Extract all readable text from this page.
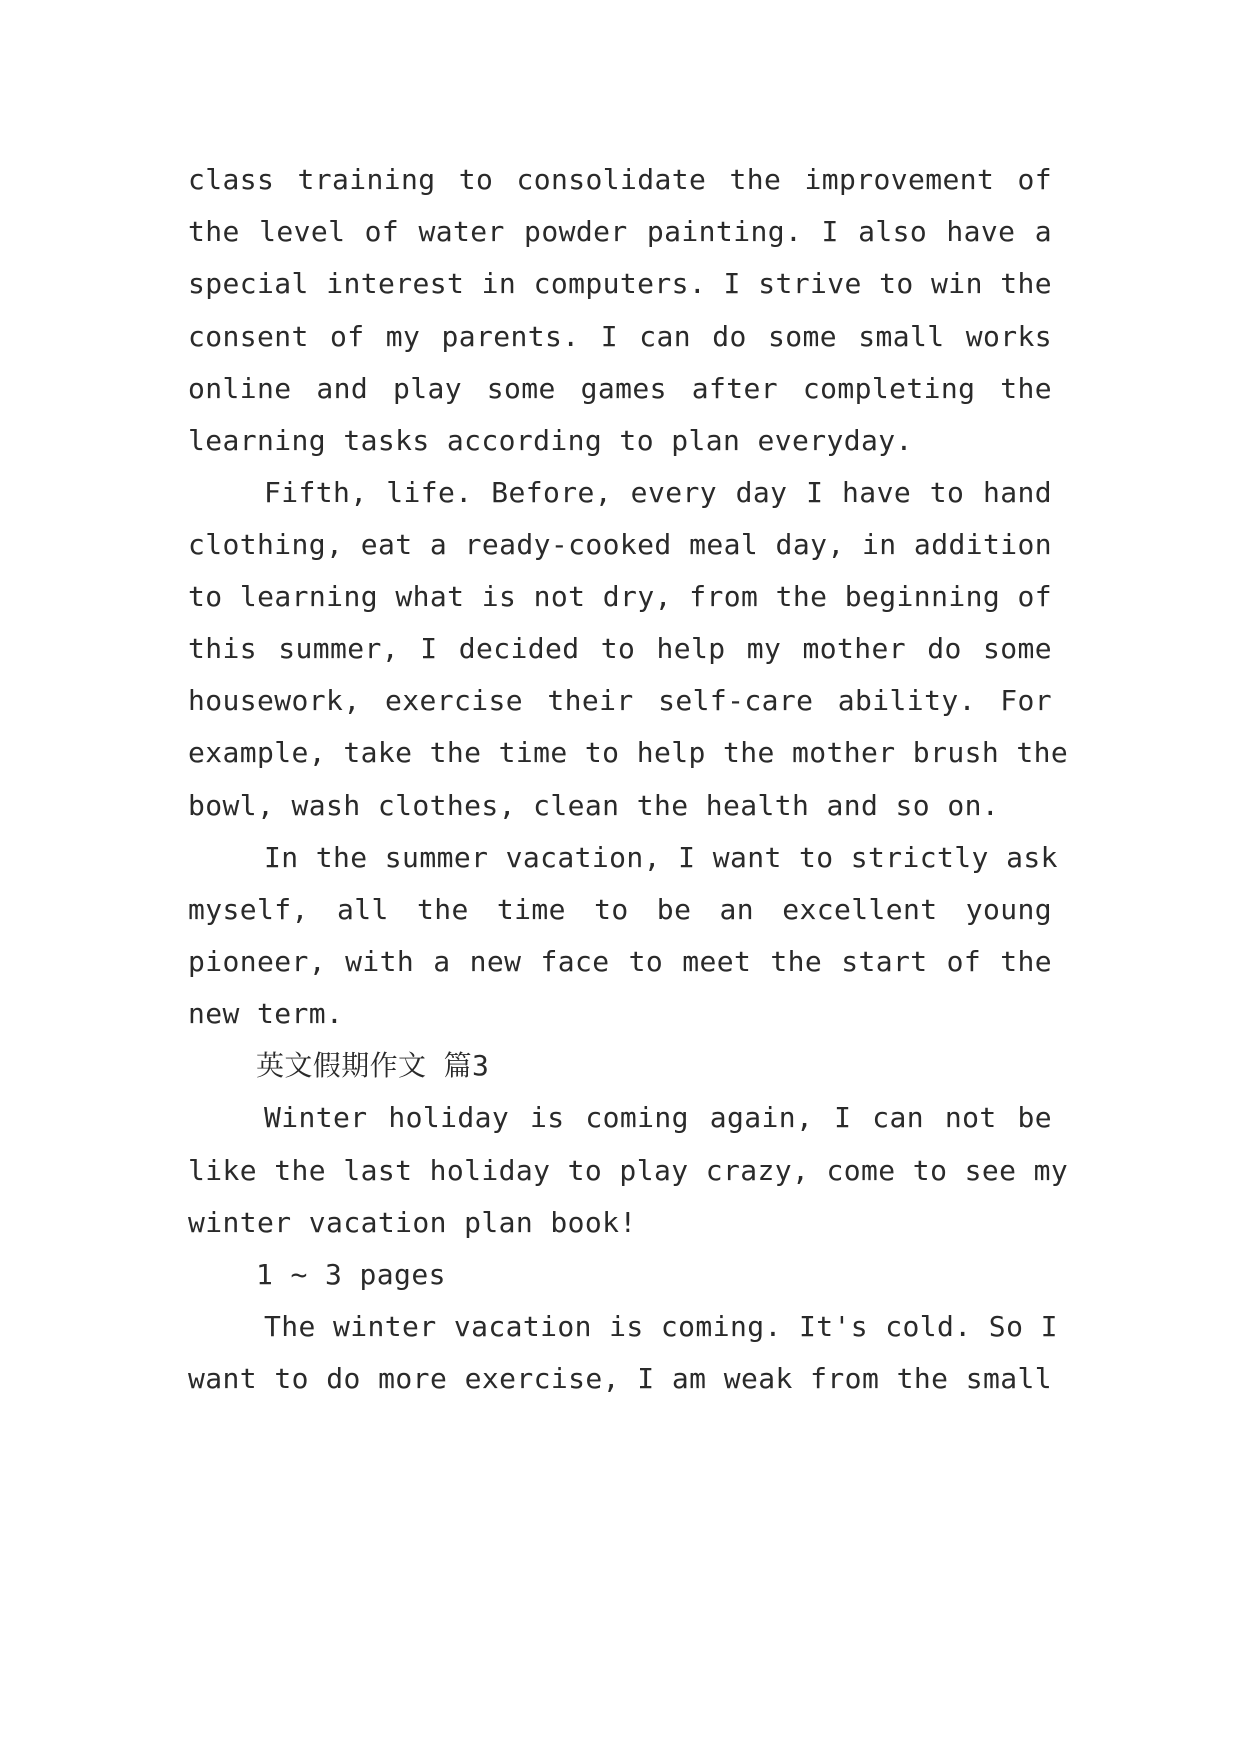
class training to consolidate the improvement of
the level of water powder painting. I also have a
special interest in computers. I strive to win the
consent of my parents. I can do some small works
online and play some games after completing the
learning tasks according to plan everyday.
Fifth, life. Before, every day I have to hand
clothing, eat a ready-cooked meal day, in addition
to learning what is not dry, from the beginning of
this summer, I decided to help my mother do some
housework, exercise their self-care ability. For
example, take the time to help the mother brush the
bowl, wash clothes, clean the health and so on.
In the summer vacation, I want to strictly ask
myself, all the time to be an excellent young
pioneer, with a new face to meet the start of the
new term.
英文假期作文 篇3
Winter holiday is coming again, I can not be
like the last holiday to play crazy, come to see my
winter vacation plan book!
1 ~ 3 pages
The winter vacation is coming. It's cold. So I
want to do more exercise, I am weak from the small
